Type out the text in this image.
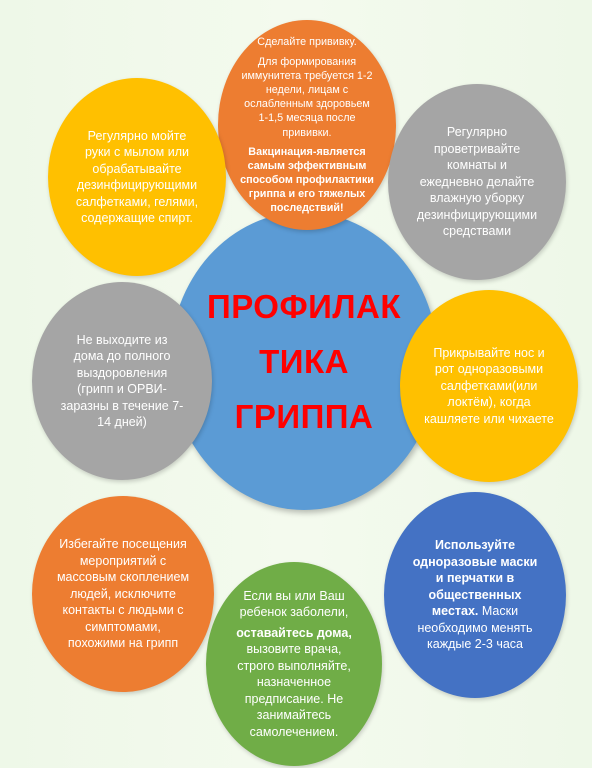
ПРОФИЛАК

ТИКА

ГРИППА

Сделайте прививку.

Для формирования иммунитета требуется 1-2 недели, лицам с ослабленным здоровьем 1-1,5 месяца после прививки.

Вакцинация-является самым эффективным способом профилактики гриппа и его тяжелых последствий!

Регулярно мойте руки с мылом или обрабатывайте дезинфицирующими салфетками, гелями, содержащие спирт.

Регулярно проветривайте комнаты и ежедневно делайте влажную уборку дезинфицирующими средствами

Не выходите из дома до полного выздоровления (грипп и ОРВИ- заразны в течение 7-14 дней)

Прикрывайте нос и рот одноразовыми салфетками(или локтём), когда кашляете или чихаете

Избегайте посещения мероприятий с массовым скоплением людей, исключите контакты с людьми с симптомами, похожими на грипп

Используйте одноразовые маски и перчатки в общественных местах. Маски необходимо менять каждые 2-3 часа

Если вы или Ваш ребенок заболели,

оставайтесь дома, вызовите врача, строго выполняйте, назначенное предписание. Не занимайтесь самолечением.
